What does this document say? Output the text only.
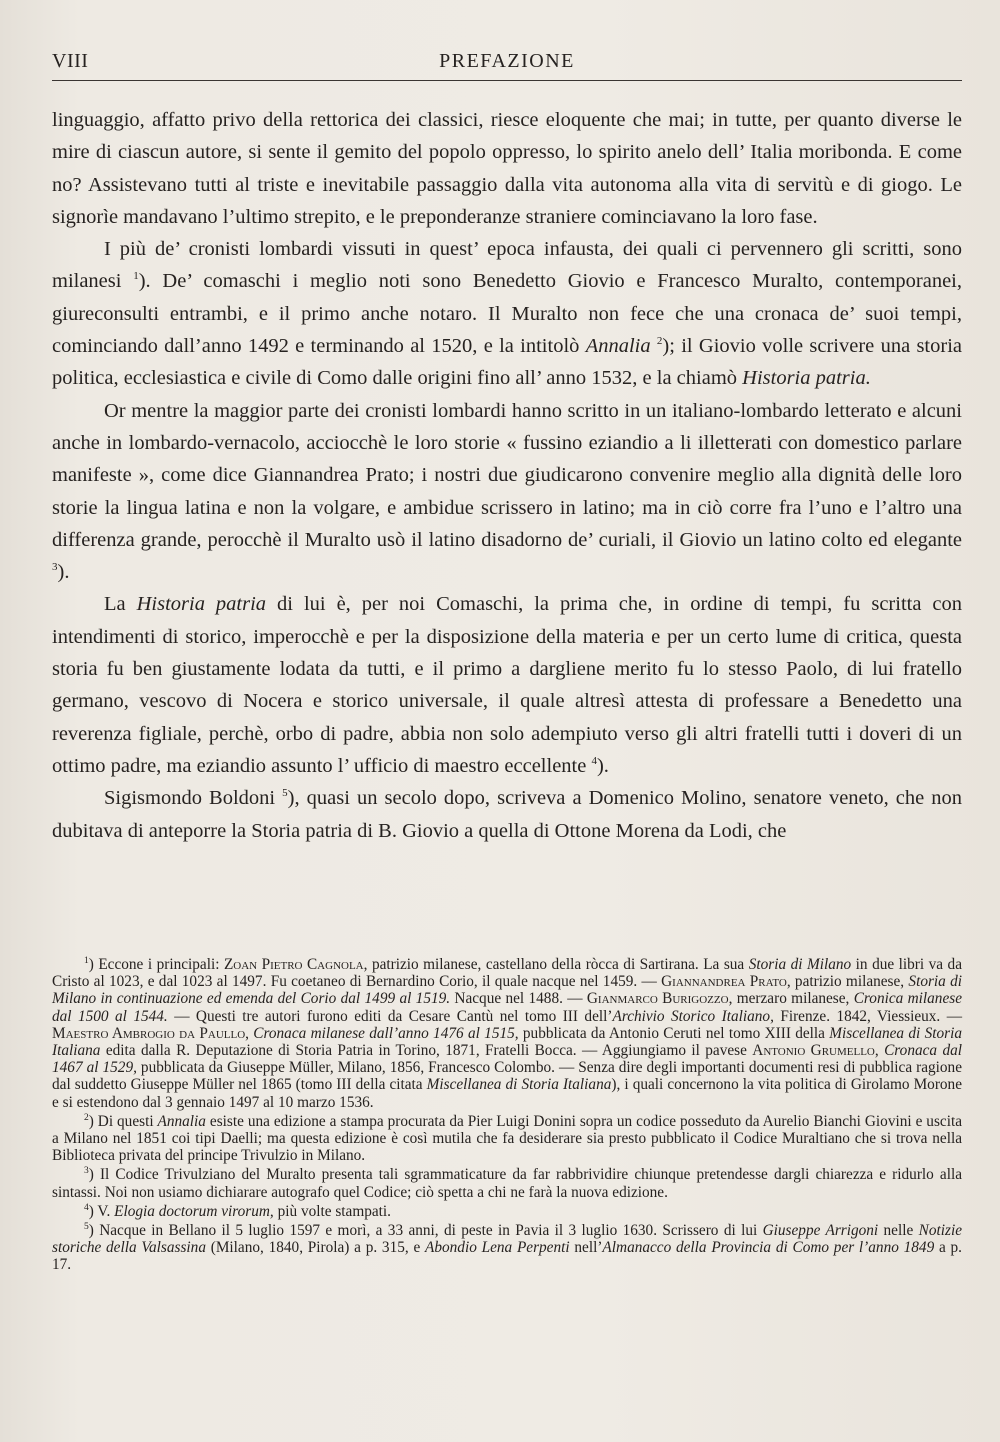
VIII	PREFAZIONE

linguaggio, affatto privo della rettorica dei classici, riesce eloquente che mai; in tutte, per quanto diverse le mire di ciascun autore, si sente il gemito del popolo oppresso, lo spirito anelo dell’ Italia moribonda. E come no? Assistevano tutti al triste e inevitabile passaggio dalla vita autonoma alla vita di servitù e di giogo. Le signorìe mandavano l’ultimo strepito, e le preponderanze straniere cominciavano la loro fase.

I più de’ cronisti lombardi vissuti in quest’ epoca infausta, dei quali ci pervennero gli scritti, sono milanesi $^1$). De’ comaschi i meglio noti sono Benedetto Giovio e Francesco Muralto, contemporanei, giureconsulti entrambi, e il primo anche notaro. Il Muralto non fece che una cronaca de’ suoi tempi, cominciando dall’anno 1492 e terminando al 1520, e la intitolò Annalia $^2$); il Giovio volle scrivere una storia politica, ecclesiastica e civile di Como dalle origini fino all’ anno 1532, e la chiamò Historia patria.

Or mentre la maggior parte dei cronisti lombardi hanno scritto in un italiano-lombardo letterato e alcuni anche in lombardo-vernacolo, acciocchè le loro storie « fussino eziandio a li illetterati con domestico parlare manifeste », come dice Giannandrea Prato; i nostri due giudicarono convenire meglio alla dignità delle loro storie la lingua latina e non la volgare, e ambidue scrissero in latino; ma in ciò corre fra l’uno e l’altro una differenza grande, perocchè il Muralto usò il latino disadorno de’ curiali, il Giovio un latino colto ed elegante $^3$).

La Historia patria di lui è, per noi Comaschi, la prima che, in ordine di tempi, fu scritta con intendimenti di storico, imperocchè e per la disposizione della materia e per un certo lume di critica, questa storia fu ben giustamente lodata da tutti, e il primo a dargliene merito fu lo stesso Paolo, di lui fratello germano, vescovo di Nocera e storico universale, il quale altresì attesta di professare a Benedetto una reverenza figliale, perchè, orbo di padre, abbia non solo adempiuto verso gli altri fratelli tutti i doveri di un ottimo padre, ma eziandio assunto l’ ufficio di maestro eccellente $^4$).

Sigismondo Boldoni $^5$), quasi un secolo dopo, scriveva a Domenico Molino, senatore veneto, che non dubitava di anteporre la Storia patria di B. Giovio a quella di Ottone Morena da Lodi, che

$^1$) Eccone i principali: Zoan Pietro Cagnola, patrizio milanese, castellano della ròcca di Sartirana. La sua Storia di Milano in due libri va da Cristo al 1023, e dal 1023 al 1497. Fu coetaneo di Bernardino Corio, il quale nacque nel 1459. — Giannandrea Prato, patrizio milanese, Storia di Milano in continuazione ed emenda del Corio dal 1499 al 1519. Nacque nel 1488. — Gianmarco Burigozzo, merzaro milanese, Cronica milanese dal 1500 al 1544. — Questi tre autori furono editi da Cesare Cantù nel tomo III dell’Archivio Storico Italiano, Firenze. 1842, Viessieux. — Maestro Ambrogio da Paullo, Cronaca milanese dall’anno 1476 al 1515, pubblicata da Antonio Ceruti nel tomo XIII della Miscellanea di Storia Italiana edita dalla R. Deputazione di Storia Patria in Torino, 1871, Fratelli Bocca. — Aggiungiamo il pavese Antonio Grumello, Cronaca dal 1467 al 1529, pubblicata da Giuseppe Müller, Milano, 1856, Francesco Colombo. — Senza dire degli importanti documenti resi di pubblica ragione dal suddetto Giuseppe Müller nel 1865 (tomo III della citata Miscellanea di Storia Italiana), i quali concernono la vita politica di Girolamo Morone e si estendono dal 3 gennaio 1497 al 10 marzo 1536.

$^2$) Di questi Annalia esiste una edizione a stampa procurata da Pier Luigi Donini sopra un codice posseduto da Aurelio Bianchi Giovini e uscita a Milano nel 1851 coi tipi Daelli; ma questa edizione è così mutila che fa desiderare sia presto pubblicato il Codice Muraltiano che si trova nella Biblioteca privata del principe Trivulzio in Milano.

$^3$) Il Codice Trivulziano del Muralto presenta tali sgrammaticature da far rabbrividire chiunque pretendesse dargli chiarezza e ridurlo alla sintassi. Noi non usiamo dichiarare autografo quel Codice; ciò spetta a chi ne farà la nuova edizione.

$^4$) V. Elogia doctorum virorum, più volte stampati.

$^5$) Nacque in Bellano il 5 luglio 1597 e morì, a 33 anni, di peste in Pavia il 3 luglio 1630. Scrissero di lui Giuseppe Arrigoni nelle Notizie storiche della Valsassina (Milano, 1840, Pirola) a p. 315, e Abondio Lena Perpenti nell’Almanacco della Provincia di Como per l’anno 1849 a p. 17.
